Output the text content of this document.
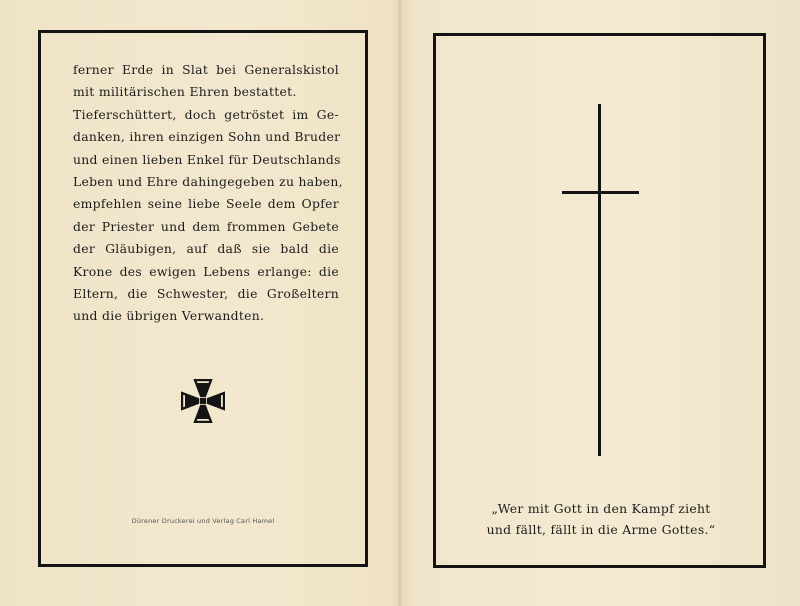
ferner Erde in Slat bei Generalskistol
mit militärischen Ehren bestattet.
Tieferschüttert, doch getröstet im Ge-
danken, ihren einzigen Sohn und Bruder
und einen lieben Enkel für Deutschlands
Leben und Ehre dahingegeben zu haben,
empfehlen seine liebe Seele dem Opfer
der Priester und dem frommen Gebete
der Gläubigen, auf daß sie bald die
Krone des ewigen Lebens erlange: die
Eltern, die Schwester, die Großeltern
und die übrigen Verwandten.
Dürener Druckerei und Verlag Carl Hamel
„Wer mit Gott in den Kampf zieht
und fällt, fällt in die Arme Gottes.“
